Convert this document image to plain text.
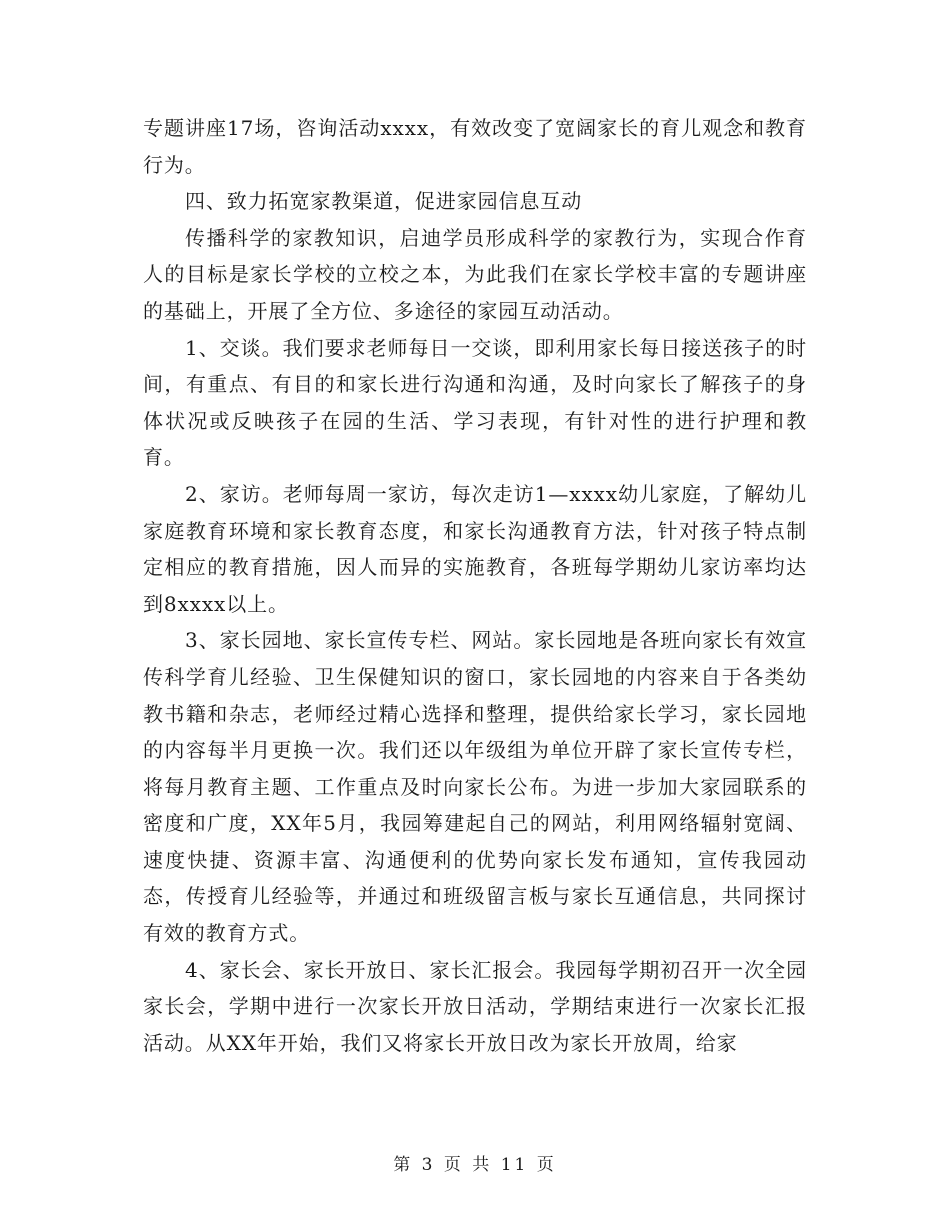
专题讲座17场，咨询活动xxxx，有效改变了宽阔家长的育儿观念和教育行为。

四、致力拓宽家教渠道，促进家园信息互动

传播科学的家教知识，启迪学员形成科学的家教行为，实现合作育人的目标是家长学校的立校之本，为此我们在家长学校丰富的专题讲座的基础上，开展了全方位、多途径的家园互动活动。

1、交谈。我们要求老师每日一交谈，即利用家长每日接送孩子的时间，有重点、有目的和家长进行沟通和沟通，及时向家长了解孩子的身体状况或反映孩子在园的生活、学习表现，有针对性的进行护理和教育。

2、家访。老师每周一家访，每次走访1—xxxx幼儿家庭，了解幼儿家庭教育环境和家长教育态度，和家长沟通教育方法，针对孩子特点制定相应的教育措施，因人而异的实施教育，各班每学期幼儿家访率均达到8xxxx以上。

3、家长园地、家长宣传专栏、网站。家长园地是各班向家长有效宣传科学育儿经验、卫生保健知识的窗口，家长园地的内容来自于各类幼教书籍和杂志，老师经过精心选择和整理，提供给家长学习，家长园地的内容每半月更换一次。我们还以年级组为单位开辟了家长宣传专栏，将每月教育主题、工作重点及时向家长公布。为进一步加大家园联系的密度和广度，XX年5月，我园筹建起自己的网站，利用网络辐射宽阔、速度快捷、资源丰富、沟通便利的优势向家长发布通知，宣传我园动态，传授育儿经验等，并通过和班级留言板与家长互通信息，共同探讨有效的教育方式。

4、家长会、家长开放日、家长汇报会。我园每学期初召开一次全园家长会，学期中进行一次家长开放日活动，学期结束进行一次家长汇报活动。从XX年开始，我们又将家长开放日改为家长开放周，给家

第 3 页 共 11 页
